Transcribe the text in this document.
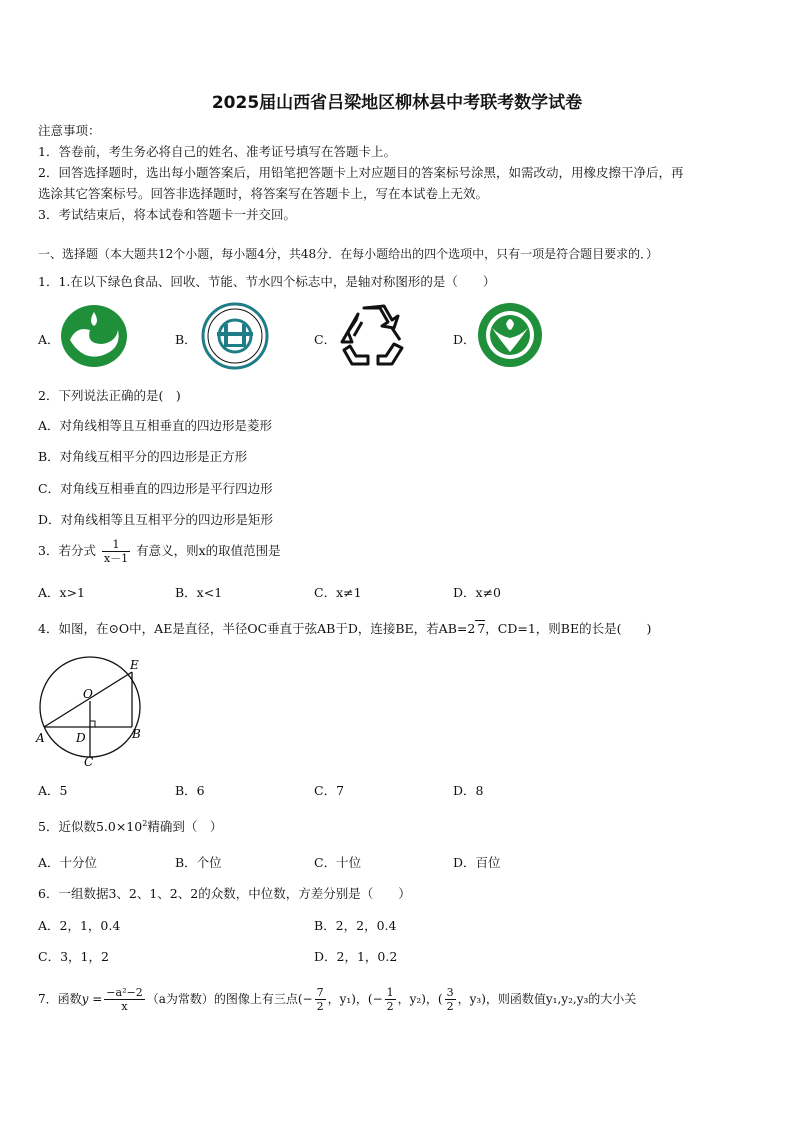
2025届山西省吕梁地区柳林县中考联考数学试卷
注意事项：
1．答卷前，考生务必将自己的姓名、准考证号填写在答题卡上。
2．回答选择题时，选出每小题答案后，用铅笔把答题卡上对应题目的答案标号涂黑，如需改动，用橡皮擦干净后，再
选涂其它答案标号。回答非选择题时，将答案写在答题卡上，写在本试卷上无效。
3．考试结束后，将本试卷和答题卡一并交回。
一、选择题（本大题共12个小题，每小题4分，共48分．在每小题给出的四个选项中，只有一项是符合题目要求的．）
1．1.在以下绿色食品、回收、节能、节水四个标志中，是轴对称图形的是（　　）
A．	B．	C．	D．
2．下列说法正确的是(　)
A．对角线相等且互相垂直的四边形是菱形
B．对角线互相平分的四边形是正方形
C．对角线互相垂直的四边形是平行四边形
D．对角线相等且互相平分的四边形是矩形
3．若分式 $\frac{1}{x-1}$ 有意义，则x的取值范围是
A．x>1	B．x<1	C．x≠1	D．x≠0
4．如图，在⊙O中，AE是直径，半径OC垂直于弦AB于D，连接BE，若AB=2 7，CD=1，则BE的长是(　　)
O
E
A	D	B
C
A．5	B．6	C．7	D．8
5．近似数$5.0\times 10^2$精确到（　）
A．十分位	B．个位	C．十位	D．百位
6．一组数据3、2、1、2、2的众数，中位数，方差分别是（　　）
A．2，1，0.4	B．2，2，0.4
C．3，1，2	D．2，1，0.2
7．函数$y = \frac{\text{−a²−2}}{x} (a$为常数）的图像上有三点(− $\frac{7}{2}$ ，y₁)，(− $\frac{1}{2}$ ，y₂)，( $\frac{3}{2}$ ，y₃)，则函数值y₁,y₂,y₃的大小关
